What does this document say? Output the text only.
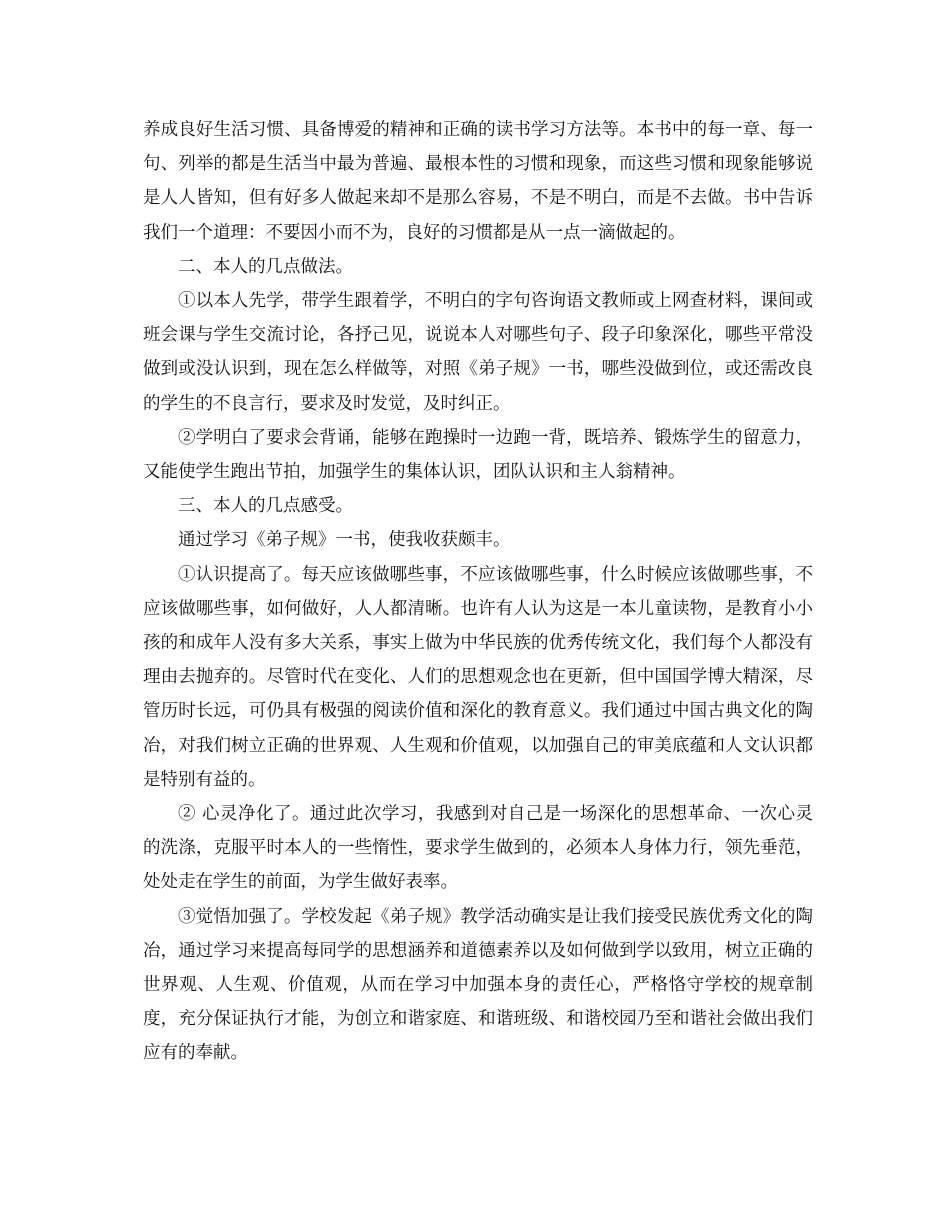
养成良好生活习惯、具备博爱的精神和正确的读书学习方法等。本书中的每一章、每一句、列举的都是生活当中最为普遍、最根本性的习惯和现象，而这些习惯和现象能够说是人人皆知，但有好多人做起来却不是那么容易，不是不明白，而是不去做。书中告诉我们一个道理：不要因小而不为，良好的习惯都是从一点一滴做起的。

二、本人的几点做法。

①以本人先学，带学生跟着学，不明白的字句咨询语文教师或上网查材料，课间或班会课与学生交流讨论，各抒己见，说说本人对哪些句子、段子印象深化，哪些平常没做到或没认识到，现在怎么样做等，对照《弟子规》一书，哪些没做到位，或还需改良的学生的不良言行，要求及时发觉，及时纠正。

②学明白了要求会背诵，能够在跑操时一边跑一背，既培养、锻炼学生的留意力，又能使学生跑出节拍，加强学生的集体认识，团队认识和主人翁精神。

三、本人的几点感受。

通过学习《弟子规》一书，使我收获颇丰。

①认识提高了。每天应该做哪些事，不应该做哪些事，什么时候应该做哪些事，不应该做哪些事，如何做好，人人都清晰。也许有人认为这是一本儿童读物，是教育小小孩的和成年人没有多大关系，事实上做为中华民族的优秀传统文化，我们每个人都没有理由去抛弃的。尽管时代在变化、人们的思想观念也在更新，但中国国学博大精深，尽管历时长远，可仍具有极强的阅读价值和深化的教育意义。我们通过中国古典文化的陶冶，对我们树立正确的世界观、人生观和价值观，以加强自己的审美底蕴和人文认识都是特别有益的。

② 心灵净化了。通过此次学习，我感到对自己是一场深化的思想革命、一次心灵的洗涤，克服平时本人的一些惰性，要求学生做到的，必须本人身体力行，领先垂范，处处走在学生的前面，为学生做好表率。

③觉悟加强了。学校发起《弟子规》教学活动确实是让我们接受民族优秀文化的陶冶，通过学习来提高每同学的思想涵养和道德素养以及如何做到学以致用，树立正确的世界观、人生观、价值观，从而在学习中加强本身的责任心，严格恪守学校的规章制度，充分保证执行才能，为创立和谐家庭、和谐班级、和谐校园乃至和谐社会做出我们应有的奉献。
